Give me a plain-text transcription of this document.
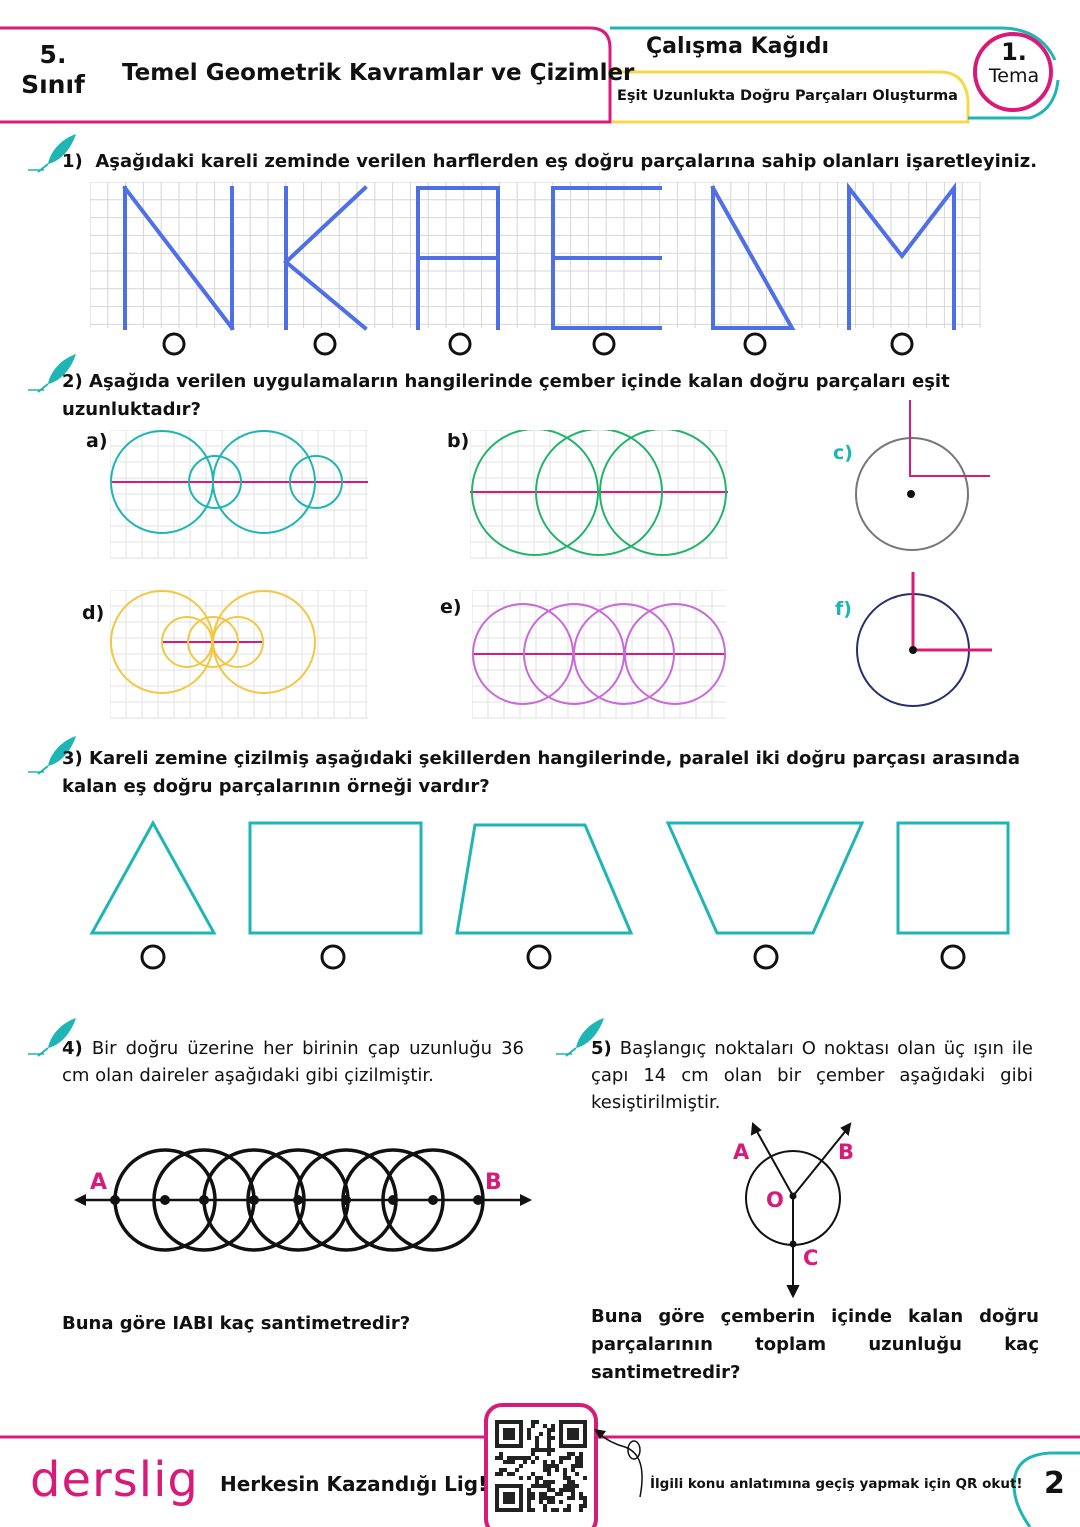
5. Sınıf Temel Geometrik Kavramlar ve Çizimler
Çalışma Kağıdı
Eşit Uzunlukta Doğru Parçaları Oluşturma
1.
Tema
1) Aşağıdaki kareli zeminde verilen harflerden eş doğru parçalarına sahip olanları işaretleyiniz.
2) Aşağıda verilen uygulamaların hangilerinde çember içinde kalan doğru parçaları eşit uzunluktadır?
a)	b)
c)
d)	e)	f)
3) Kareli zemine çizilmiş aşağıdaki şekillerden hangilerinde, paralel iki doğru parçası arasında kalan eş doğru parçalarının örneği vardır?
4) Bir doğru üzerine her birinin çap uzunluğu 36 cm olan daireler aşağıdaki gibi çizilmiştir.
A	B
Buna göre IABI kaç santimetredir?
5) Başlangıç noktaları O noktası olan üç ışın ile çapı 14 cm olan bir çember aşağıdaki gibi kesiştirilmiştir.
A	B
O
C
Buna göre çemberin içinde kalan doğru parçalarının toplam uzunluğu kaç santimetredir?
derslig Herkesin Kazandığı Lig!	İlgili konu anlatımına geçiş yapmak için QR okut! 2
